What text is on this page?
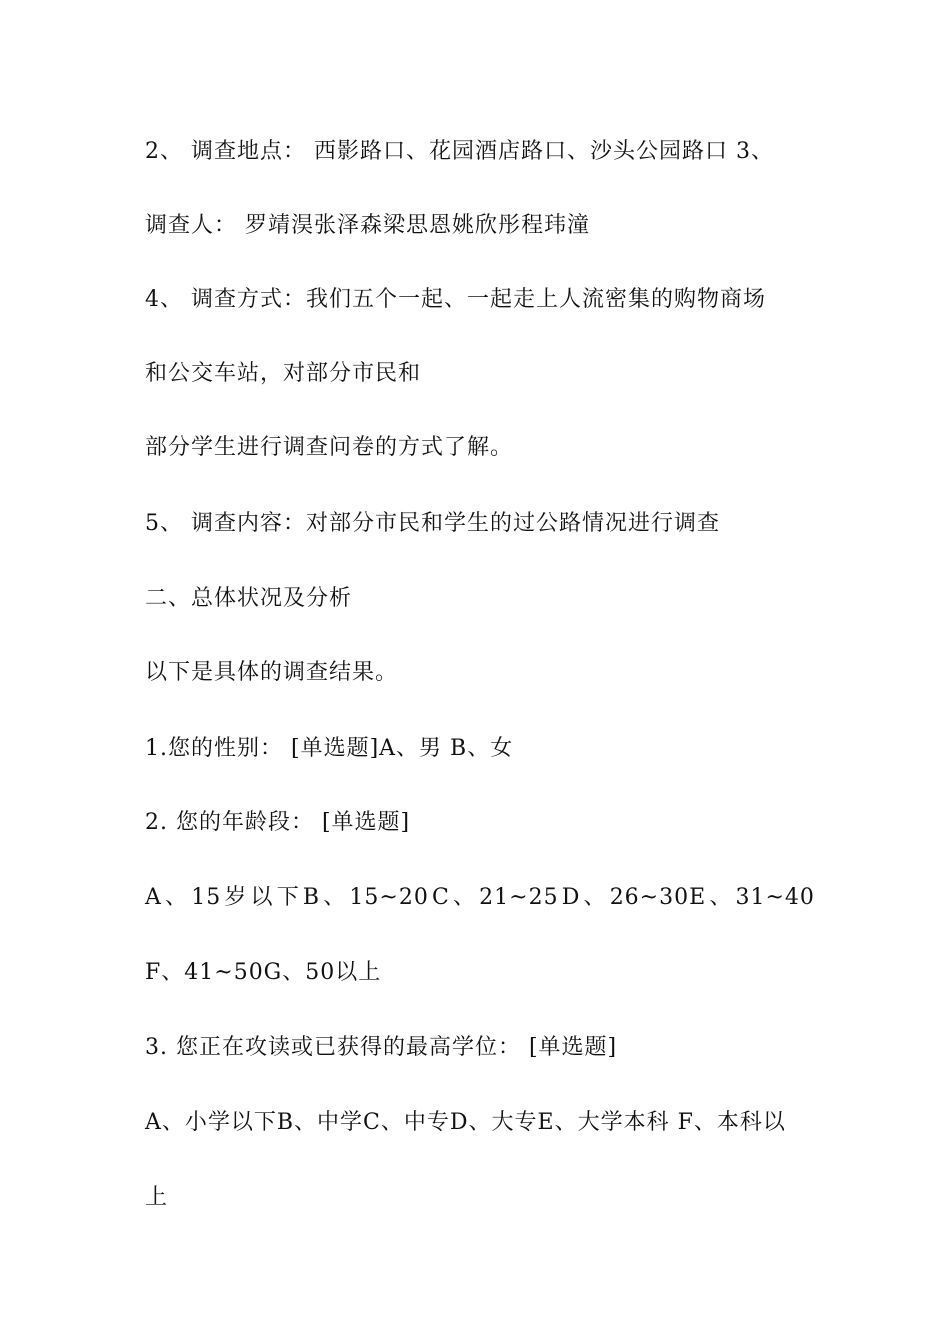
2、 调查地点： 西影路口、花园酒店路口、沙头公园路口 3、
调查人： 罗靖淏张泽森梁思恩姚欣彤程玮潼
4、 调查方式：我们五个一起、一起走上人流密集的购物商场
和公交车站，对部分市民和
部分学生进行调查问卷的方式了解。
5、 调查内容：对部分市民和学生的过公路情况进行调查
二、总体状况及分析
以下是具体的调查结果。
1.您的性别： [单选题]A、男 B、女
2. 您的年龄段： [单选题]
A 、 15 岁 以 下 B 、 15~20 C 、 21~25 D 、 26~30E 、 31~40
F、41~50G、50以上
3. 您正在攻读或已获得的最高学位： [单选题]
A、小学以下B、中学C、中专D、大专E、大学本科 F、本科以
上
